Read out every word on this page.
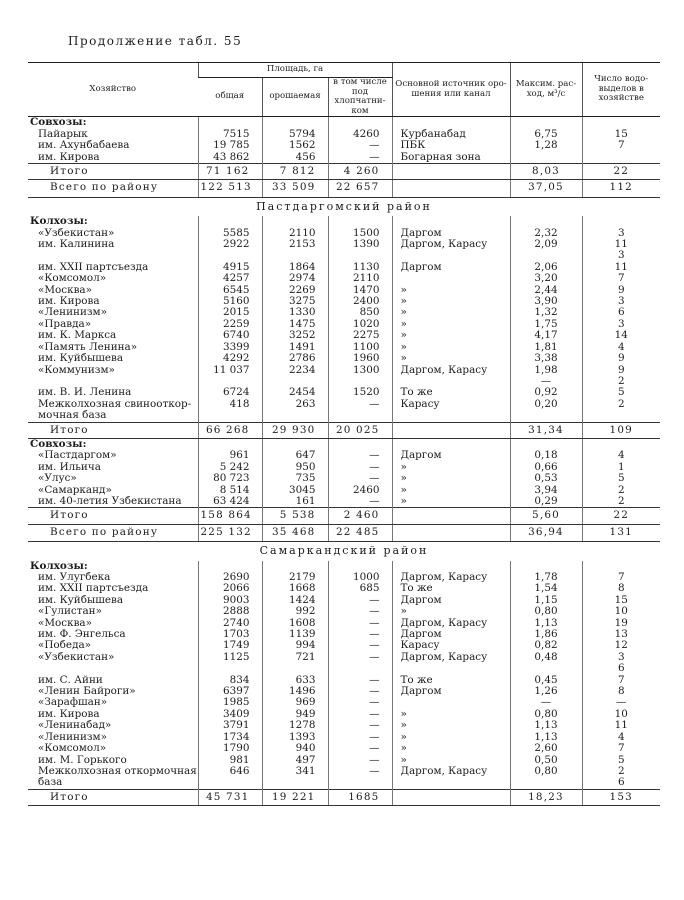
Продолжение табл. 55
Хозяйство	Площадь, га			Основной источник оро-шения или канал	Максим. рас-ход, м³/с	Число водо-выделов в хозяйстве
	общая	орошаемая	в том числе под хлопчатни-ком			
Совхозы:						
Пайарык	7515	5794	4260	Курбанабад	6,75	15
им. Ахунбабаева	19 785	1562	—	ПБК	1,28	7
им. Кирова	43 862	456	—	Богарная зона		
Итого	71 162	7 812	4 260		8,03	22
Всего по району	122 513	33 509	22 657		37,05	112
Пастдаргомский район						
Колхозы:						
«Узбекистан»	5585	2110	1500	Даргом	2,32	3
им. Калинина	2922	2153	1390	Даргом, Карасу	2,09	11
						3
им. XXII партсъезда	4915	1864	1130	Даргом	2,06	11
«Комсомол»	4257	2974	2110		3,20	7
«Москва»	6545	2269	1470	»	2,44	9
им. Кирова	5160	3275	2400	»	3,90	3
«Ленинизм»	2015	1330	850	»	1,32	6
«Правда»	2259	1475	1020	»	1,75	3
им. К. Маркса	6740	3252	2275	»	4,17	14
«Память Ленина»	3399	1491	1100	»	1,81	4
им. Куйбышева	4292	2786	1960	»	3,38	9
«Коммунизм»	11 037	2234	1300	Даргом, Карасу	1,98	9
					—	2
им. В. И. Ленина	6724	2454	1520	То же	0,92	5
Межколхозная свинооткор-	418	263	—	Карасу	0,20	2
мочная база						
Итого	66 268	29 930	20 025		31,34	109
Совхозы:						
«Пастдаргом»	961	647	—	Даргом	0,18	4
им. Ильича	5 242	950	—	»	0,66	1
«Улус»	80 723	735	—	»	0,53	5
«Самарканд»	8 514	3045	2460	»	3,94	2
им. 40-летия Узбекистана	63 424	161	—	»	0,29	2
Итого	158 864	5 538	2 460		5,60	22
Всего по району	225 132	35 468	22 485		36,94	131
Самаркандский район						
Колхозы:						
им. Улугбека	2690	2179	1000	Даргом, Карасу	1,78	7
им. XXII партсъезда	2066	1668	685	То же	1,54	8
им. Куйбышева	9003	1424	—	Даргом	1,15	15
«Гулистан»	2888	992	—	»	0,80	10
«Москва»	2740	1608	—	Даргом, Карасу	1,13	19
им. Ф. Энгельса	1703	1139	—	Даргом	1,86	13
«Победа»	1749	994	—	Карасу	0,82	12
«Узбекистан»	1125	721	—	Даргом, Карасу	0,48	3
						6
им. С. Айни	834	633	—	То же	0,45	7
«Ленин Байроги»	6397	1496	—	Даргом	1,26	8
«Зарафшан»	1985	969	—		—	—
им. Кирова	3409	949	—	»	0,80	10
«Ленинабад»	3791	1278	—	»	1,13	11
«Ленинизм»	1734	1393	—	»	1,13	4
«Комсомол»	1790	940	—	»	2,60	7
им. М. Горького	981	497	—	»	0,50	5
Межколхозная откормочная	646	341	—	Даргом, Карасу	0,80	2
база						6
Итого	45 731	19 221	1685		18,23	153
